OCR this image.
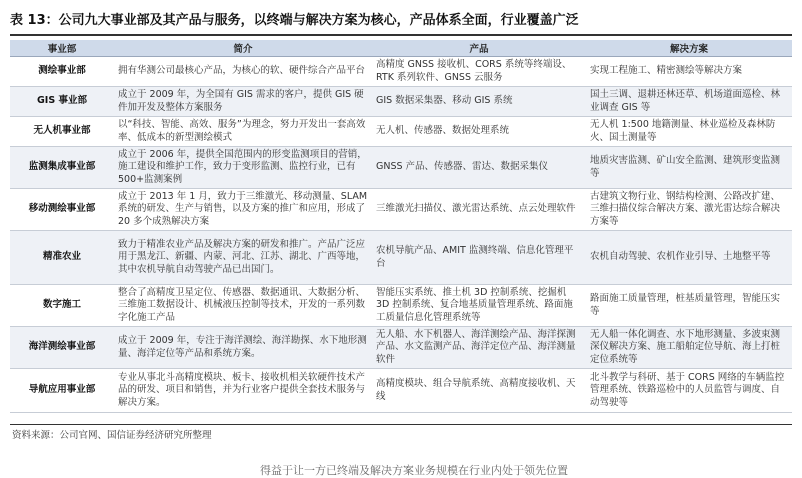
表 13：公司九大事业部及其产品与服务，以终端与解决方案为核心，产品体系全面，行业覆盖广泛
事业部	简介	产品	解决方案
测绘事业部	拥有华测公司最核心产品，为核心的软、硬件综合产品平台	高精度 GNSS 接收机、CORS 系统等终端设、RTK 系列软件、GNSS 云服务	实现工程施工、精密测绘等解决方案
GIS 事业部	成立于 2009 年，为全国有 GIS 需求的客户，提供 GIS 硬件加开发及整体方案服务	GIS 数据采集器、移动 GIS 系统	国土三调、退耕还林还草、机场道面巡检、林业调查 GIS 等
无人机事业部	以“科技、智能、高效、服务”为理念，努力开发出一套高效率、低成本的新型测绘模式	无人机、传感器、数据处理系统	无人机 1:500 地籍测量、林业巡检及森林防火、国土测量等
监测集成事业部	成立于 2006 年，提供全国范围内的形变监测项目的营销，施工建设和维护工作，致力于变形监测、监控行业，已有 500+监测案例	GNSS 产品、传感器、雷达、数据采集仪	地质灾害监测、矿山安全监测、建筑形变监测等
移动测绘事业部	成立于 2013 年 1 月，致力于三维激光、移动测量、SLAM 系统的研发、生产与销售，以及方案的推广和应用，形成了 20 多个成熟解决方案	三维激光扫描仪、激光雷达系统、点云处理软件	古建筑文物行业、钢结构检测、公路改扩建、三维扫描仪综合解决方案、激光雷达综合解决方案等
精准农业	致力于精准农业产品及解决方案的研发和推广。产品广泛应用于黑龙江、新疆、内蒙、河北、江苏、湖北、广西等地，其中农机导航自动驾驶产品已出国门。	农机导航产品、AMIT 监测终端、信息化管理平台	农机自动驾驶、农机作业引导、土地整平等
数字施工	整合了高精度卫星定位、传感器、数据通讯、大数据分析、三维施工数据设计、机械液压控制等技术，开发的一系列数字化施工产品	智能压实系统、推土机 3D 控制系统、挖掘机 3D 控制系统、复合地基质量管理系统、路面施工质量信息化管理系统等	路面施工质量管理，桩基质量管理，智能压实等
海洋测绘事业部	成立于 2009 年，专注于海洋测绘、海洋勘探、水下地形测量、海洋定位等产品和系统方案。	无人船、水下机器人、海洋测绘产品、海洋探测产品、水文监测产品、海洋定位产品、海洋测量软件	无人船一体化调查、水下地形测量、多波束测深仪解决方案、施工船舶定位导航、海上打桩定位系统等
导航应用事业部	专业从事北斗高精度模块、板卡、接收机相关软硬件技术产品的研发、项目和销售，并为行业客户提供全套技术服务与解决方案。	高精度模块、组合导航系统、高精度接收机、天线	北斗教学与科研、基于 CORS 网络的车辆监控管理系统、铁路巡检中的人员监管与调度、自动驾驶等
资料来源：公司官网、国信证券经济研究所整理
得益于让一方已终端及解决方案业务规模在行业内处于领先位置
